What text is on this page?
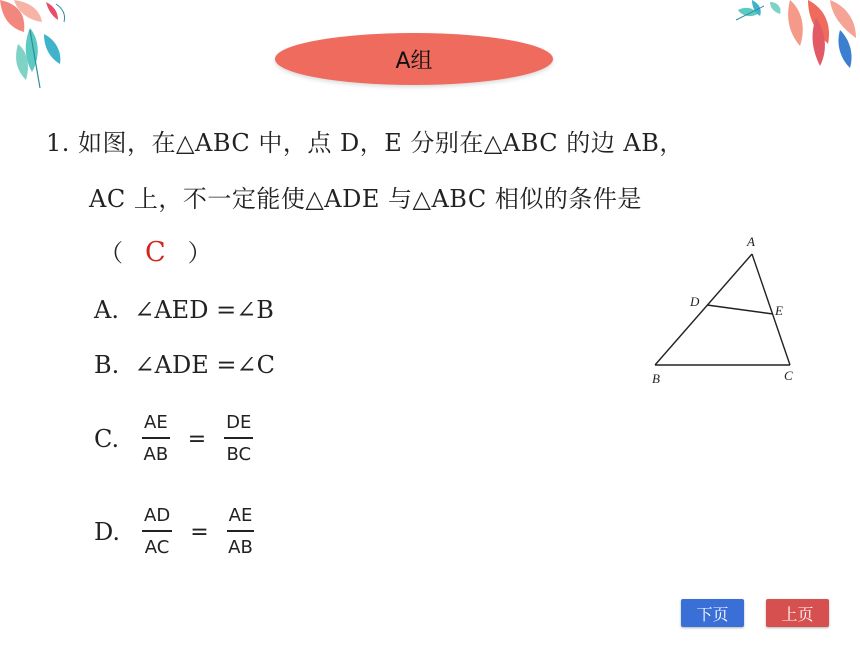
A组
1. 如图，在△ABC 中，点 D，E 分别在△ABC 的边 AB，
AC 上，不一定能使△ADE 与△ABC 相似的条件是
（ C ）
A. ∠AED =∠B
B. ∠ADE =∠C
C.	$\frac{AE}{AB} = \frac{DE}{BC}$
D.	$\frac{AD}{AC} = \frac{AE}{AB}$
A
D
E
B	C
下页	上页
